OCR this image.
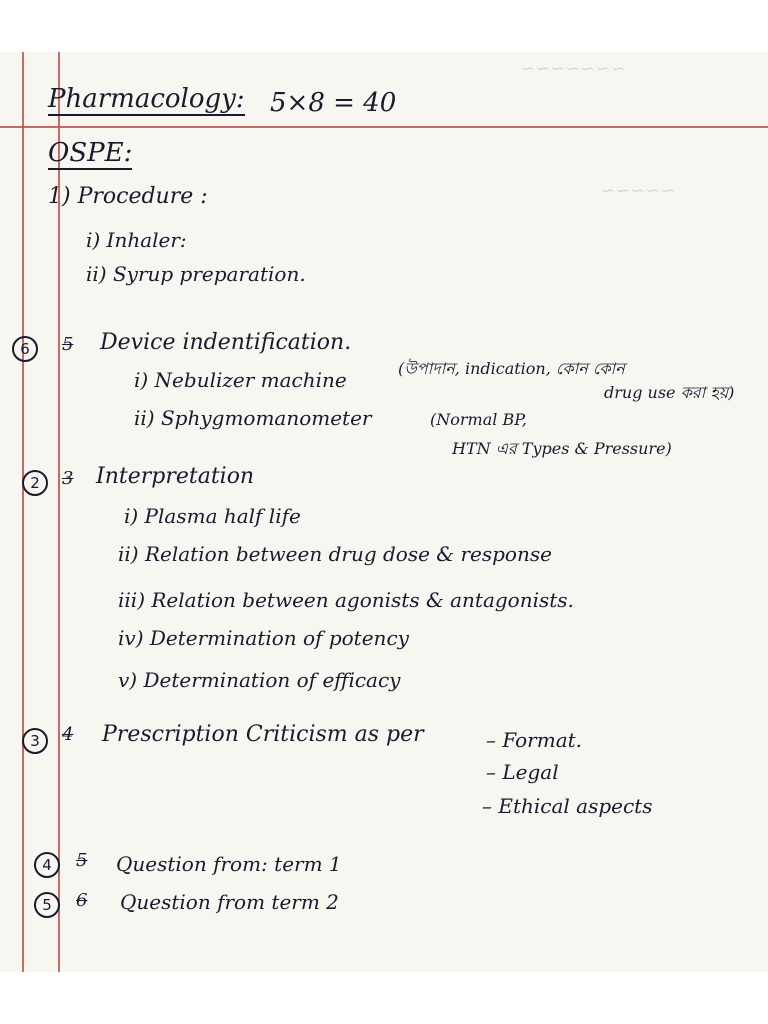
~~~~~~~
~~~~~
Pharmacology: 5×8 = 40
OSPE:
1) Procedure :
i) Inhaler:
ii) Syrup preparation.
6	5 Device indentification.
i) Nebulizer machine	(উপাদান, indication, কোন কোন
drug use করা হয়)
ii) Sphygmomanometer	(Normal BP,
HTN এর Types & Pressure)
2	3 Interpretation
i) Plasma half life
ii) Relation between drug dose & response
iii) Relation between agonists & antagonists.
iv) Determination of potency
v) Determination of efficacy
3	4 Prescription Criticism as per	– Format.
– Legal
– Ethical aspects
4	5 Question from: term 1
5	6 Question from term 2
